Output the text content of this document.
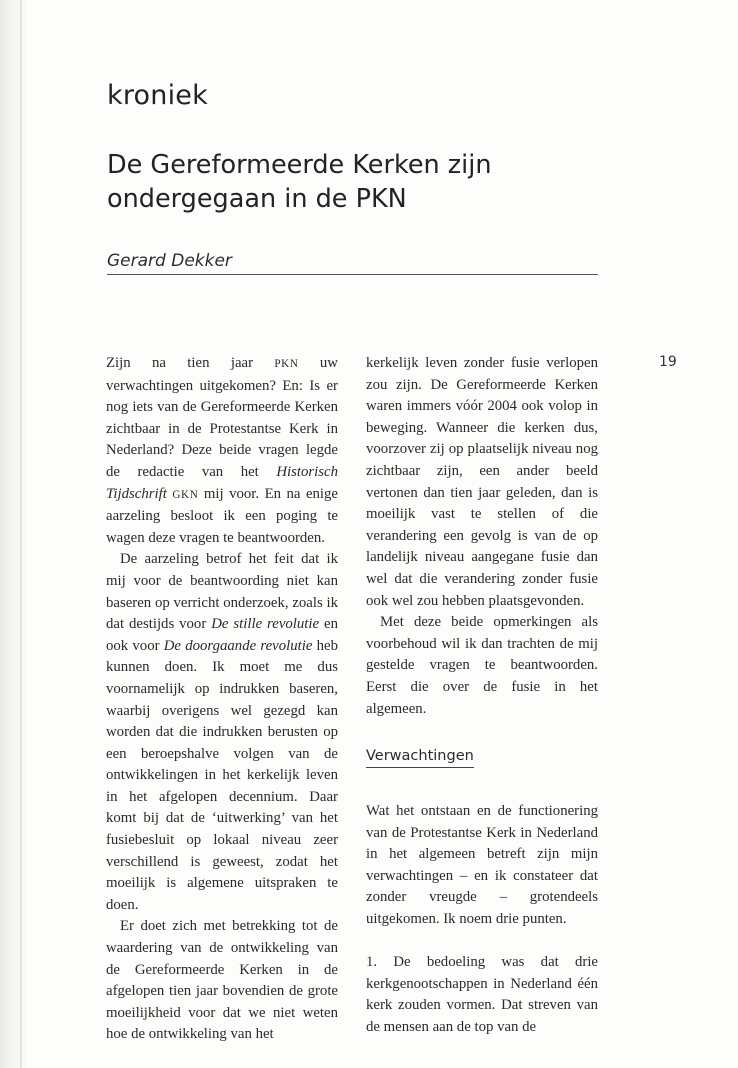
kroniek
De Gereformeerde Kerken zijn ondergegaan in de PKN
Gerard Dekker
19

Zijn na tien jaar PKN uw verwachtingen uitgekomen? En: Is er nog iets van de Gereformeerde Kerken zichtbaar in de Protestantse Kerk in Nederland? Deze beide vragen legde de redactie van het Historisch Tijdschrift GKN mij voor. En na enige aarzeling besloot ik een poging te wagen deze vragen te beantwoorden.

De aarzeling betrof het feit dat ik mij voor de beantwoording niet kan baseren op verricht onderzoek, zoals ik dat destijds voor De stille revolutie en ook voor De doorgaande revolutie heb kunnen doen. Ik moet me dus voornamelijk op indrukken baseren, waarbij overigens wel gezegd kan worden dat die indrukken berusten op een beroepshalve volgen van de ontwikkelingen in het kerkelijk leven in het afgelopen decennium. Daar komt bij dat de ‘uitwerking’ van het fusiebesluit op lokaal niveau zeer verschillend is geweest, zodat het moeilijk is algemene uitspraken te doen.

Er doet zich met betrekking tot de waardering van de ontwikkeling van de Gereformeerde Kerken in de afgelopen tien jaar bovendien de grote moeilijkheid voor dat we niet weten hoe de ontwikkeling van het

kerkelijk leven zonder fusie verlopen zou zijn. De Gereformeerde Kerken waren immers vóór 2004 ook volop in beweging. Wanneer die kerken dus, voorzover zij op plaatselijk niveau nog zichtbaar zijn, een ander beeld vertonen dan tien jaar geleden, dan is moeilijk vast te stellen of die verandering een gevolg is van de op landelijk niveau aangegane fusie dan wel dat die verandering zonder fusie ook wel zou hebben plaatsgevonden.

Met deze beide opmerkingen als voorbehoud wil ik dan trachten de mij gestelde vragen te beantwoorden. Eerst die over de fusie in het algemeen.

Verwachtingen

Wat het ontstaan en de functionering van de Protestantse Kerk in Nederland in het algemeen betreft zijn mijn verwachtingen – en ik constateer dat zonder vreugde – grotendeels uitgekomen. Ik noem drie punten.

1. De bedoeling was dat drie kerkgenootschappen in Nederland één kerk zouden vormen. Dat streven van de mensen aan de top van de
